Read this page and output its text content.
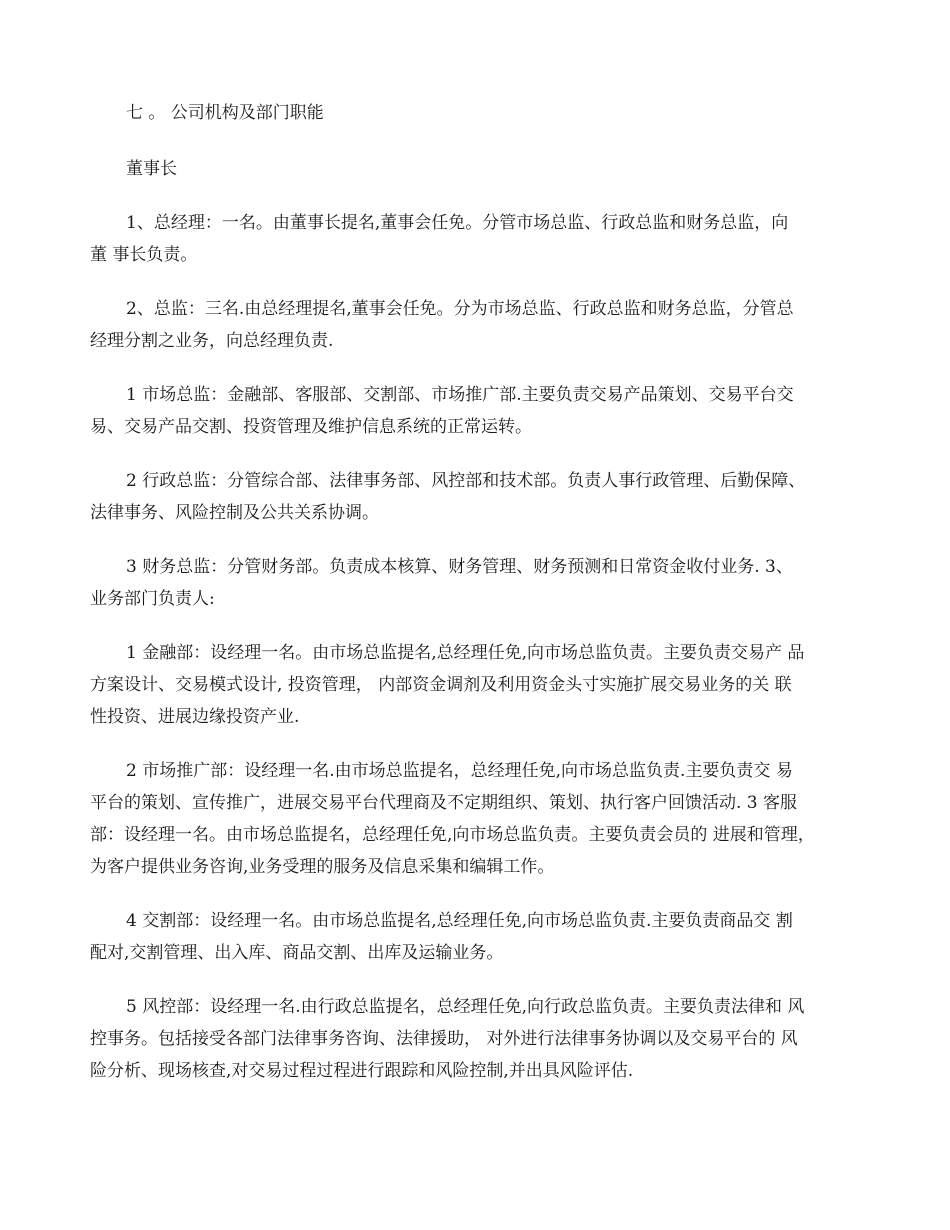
七 。 公司机构及部门职能
董事长
1、总经理：一名。由董事长提名,董事会任免。分管市场总监、行政总监和财务总监，向
董 事长负责。
2、总监：三名.由总经理提名,董事会任免。分为市场总监、行政总监和财务总监，分管总
经理分割之业务，向总经理负责.
1 市场总监：金融部、客服部、交割部、市场推广部.主要负责交易产品策划、交易平台交
易、交易产品交割、投资管理及维护信息系统的正常运转。
2 行政总监：分管综合部、法律事务部、风控部和技术部。负责人事行政管理、后勤保障、
法律事务、风险控制及公共关系协调。
3 财务总监：分管财务部。负责成本核算、财务管理、财务预测和日常资金收付业务. 3、
业务部门负责人:
1 金融部：设经理一名。由市场总监提名,总经理任免,向市场总监负责。主要负责交易产 品
方案设计、交易模式设计, 投资管理， 内部资金调剂及利用资金头寸实施扩展交易业务的关 联
性投资、进展边缘投资产业.
2 市场推广部：设经理一名.由市场总监提名，总经理任免,向市场总监负责.主要负责交 易
平台的策划、宣传推广，进展交易平台代理商及不定期组织、策划、执行客户回馈活动. 3 客服
部：设经理一名。由市场总监提名，总经理任免,向市场总监负责。主要负责会员的 进展和管理，
为客户提供业务咨询,业务受理的服务及信息采集和编辑工作。
4 交割部：设经理一名。由市场总监提名,总经理任免,向市场总监负责.主要负责商品交 割
配对,交割管理、出入库、商品交割、出库及运输业务。
5 风控部：设经理一名.由行政总监提名，总经理任免,向行政总监负责。主要负责法律和 风
控事务。包括接受各部门法律事务咨询、法律援助， 对外进行法律事务协调以及交易平台的 风
险分析、现场核查,对交易过程过程进行跟踪和风险控制,并出具风险评估.
